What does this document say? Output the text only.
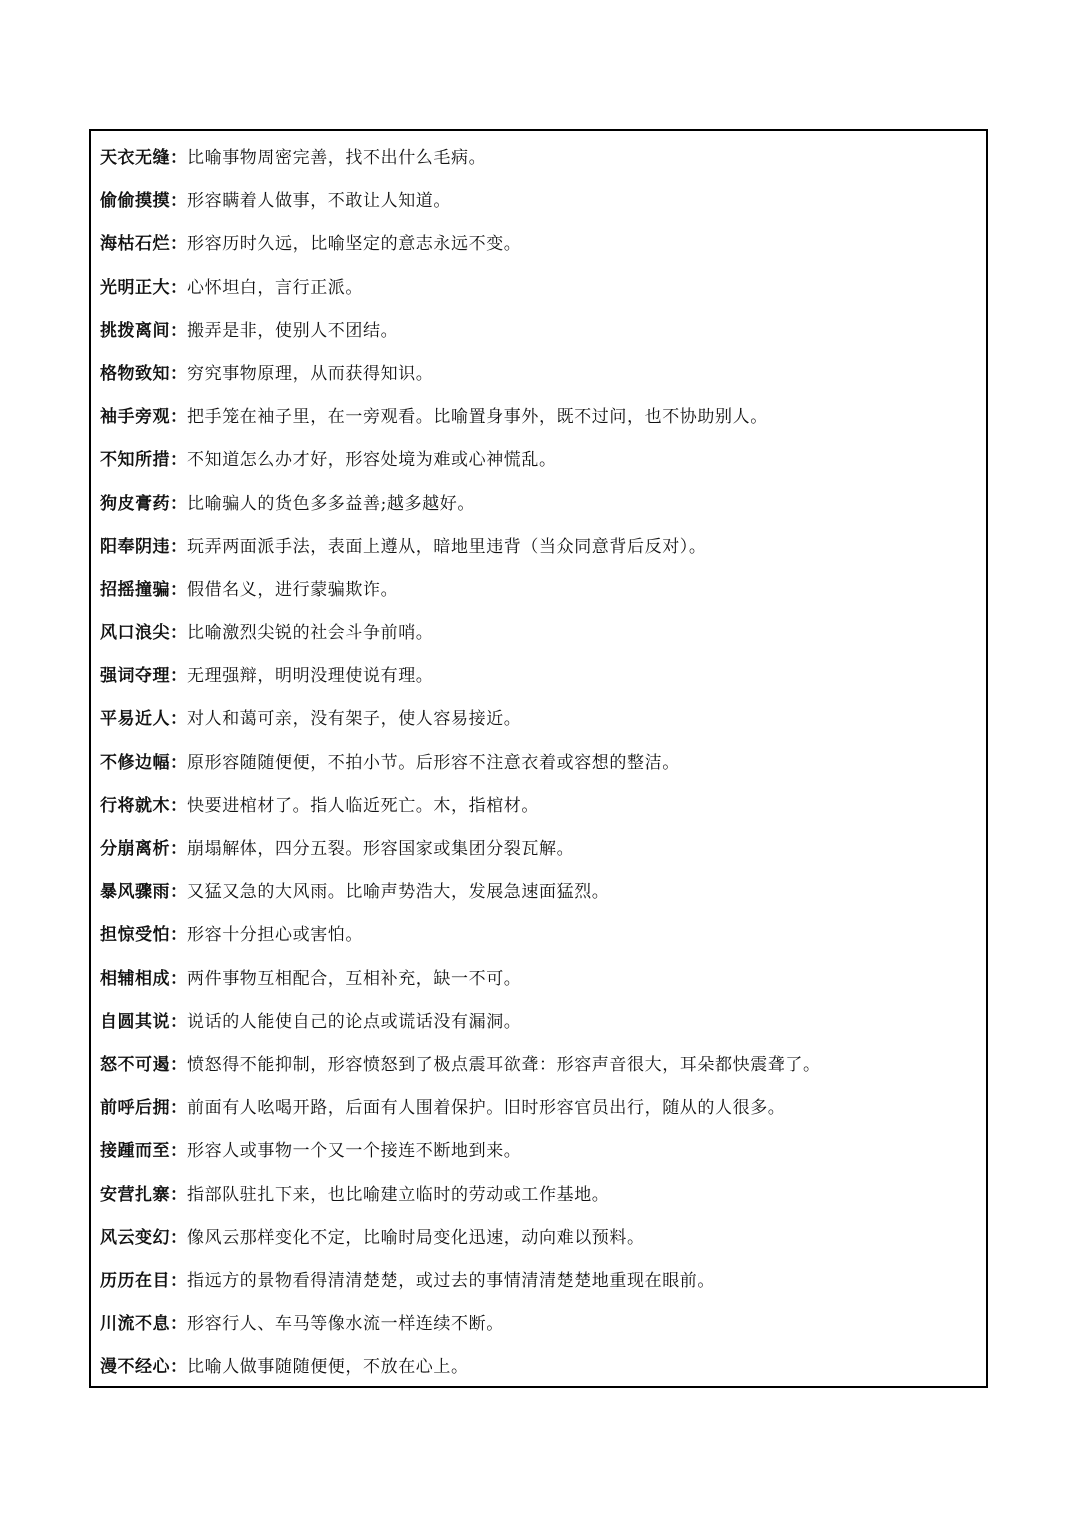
天衣无缝：比喻事物周密完善，找不出什么毛病。
偷偷摸摸：形容瞒着人做事，不敢让人知道。
海枯石烂：形容历时久远，比喻坚定的意志永远不变。
光明正大：心怀坦白，言行正派。
挑拨离间：搬弄是非，使别人不团结。
格物致知：穷究事物原理，从而获得知识。
袖手旁观：把手笼在袖子里，在一旁观看。比喻置身事外，既不过问，也不协助别人。
不知所措：不知道怎么办才好，形容处境为难或心神慌乱。
狗皮膏药：比喻骗人的货色多多益善;越多越好。
阳奉阴违：玩弄两面派手法，表面上遵从，暗地里违背（当众同意背后反对）。
招摇撞骗：假借名义，进行蒙骗欺诈。
风口浪尖：比喻激烈尖锐的社会斗争前哨。
强词夺理：无理强辩，明明没理使说有理。
平易近人：对人和蔼可亲，没有架子，使人容易接近。
不修边幅：原形容随随便便，不拍小节。后形容不注意衣着或容想的整洁。
行将就木：快要进棺材了。指人临近死亡。木，指棺材。
分崩离析：崩塌解体，四分五裂。形容国家或集团分裂瓦解。
暴风骤雨：又猛又急的大风雨。比喻声势浩大，发展急速面猛烈。
担惊受怕：形容十分担心或害怕。
相辅相成：两件事物互相配合，互相补充，缺一不可。
自圆其说：说话的人能使自己的论点或谎话没有漏洞。
怒不可遏：愤怒得不能抑制，形容愤怒到了极点震耳欲聋：形容声音很大，耳朵都快震聋了。
前呼后拥：前面有人吆喝开路，后面有人围着保护。旧时形容官员出行，随从的人很多。
接踵而至：形容人或事物一个又一个接连不断地到来。
安营扎寨：指部队驻扎下来，也比喻建立临时的劳动或工作基地。
风云变幻：像风云那样变化不定，比喻时局变化迅速，动向难以预料。
历历在目：指远方的景物看得清清楚楚，或过去的事情清清楚楚地重现在眼前。
川流不息：形容行人、车马等像水流一样连续不断。
漫不经心：比喻人做事随随便便，不放在心上。
